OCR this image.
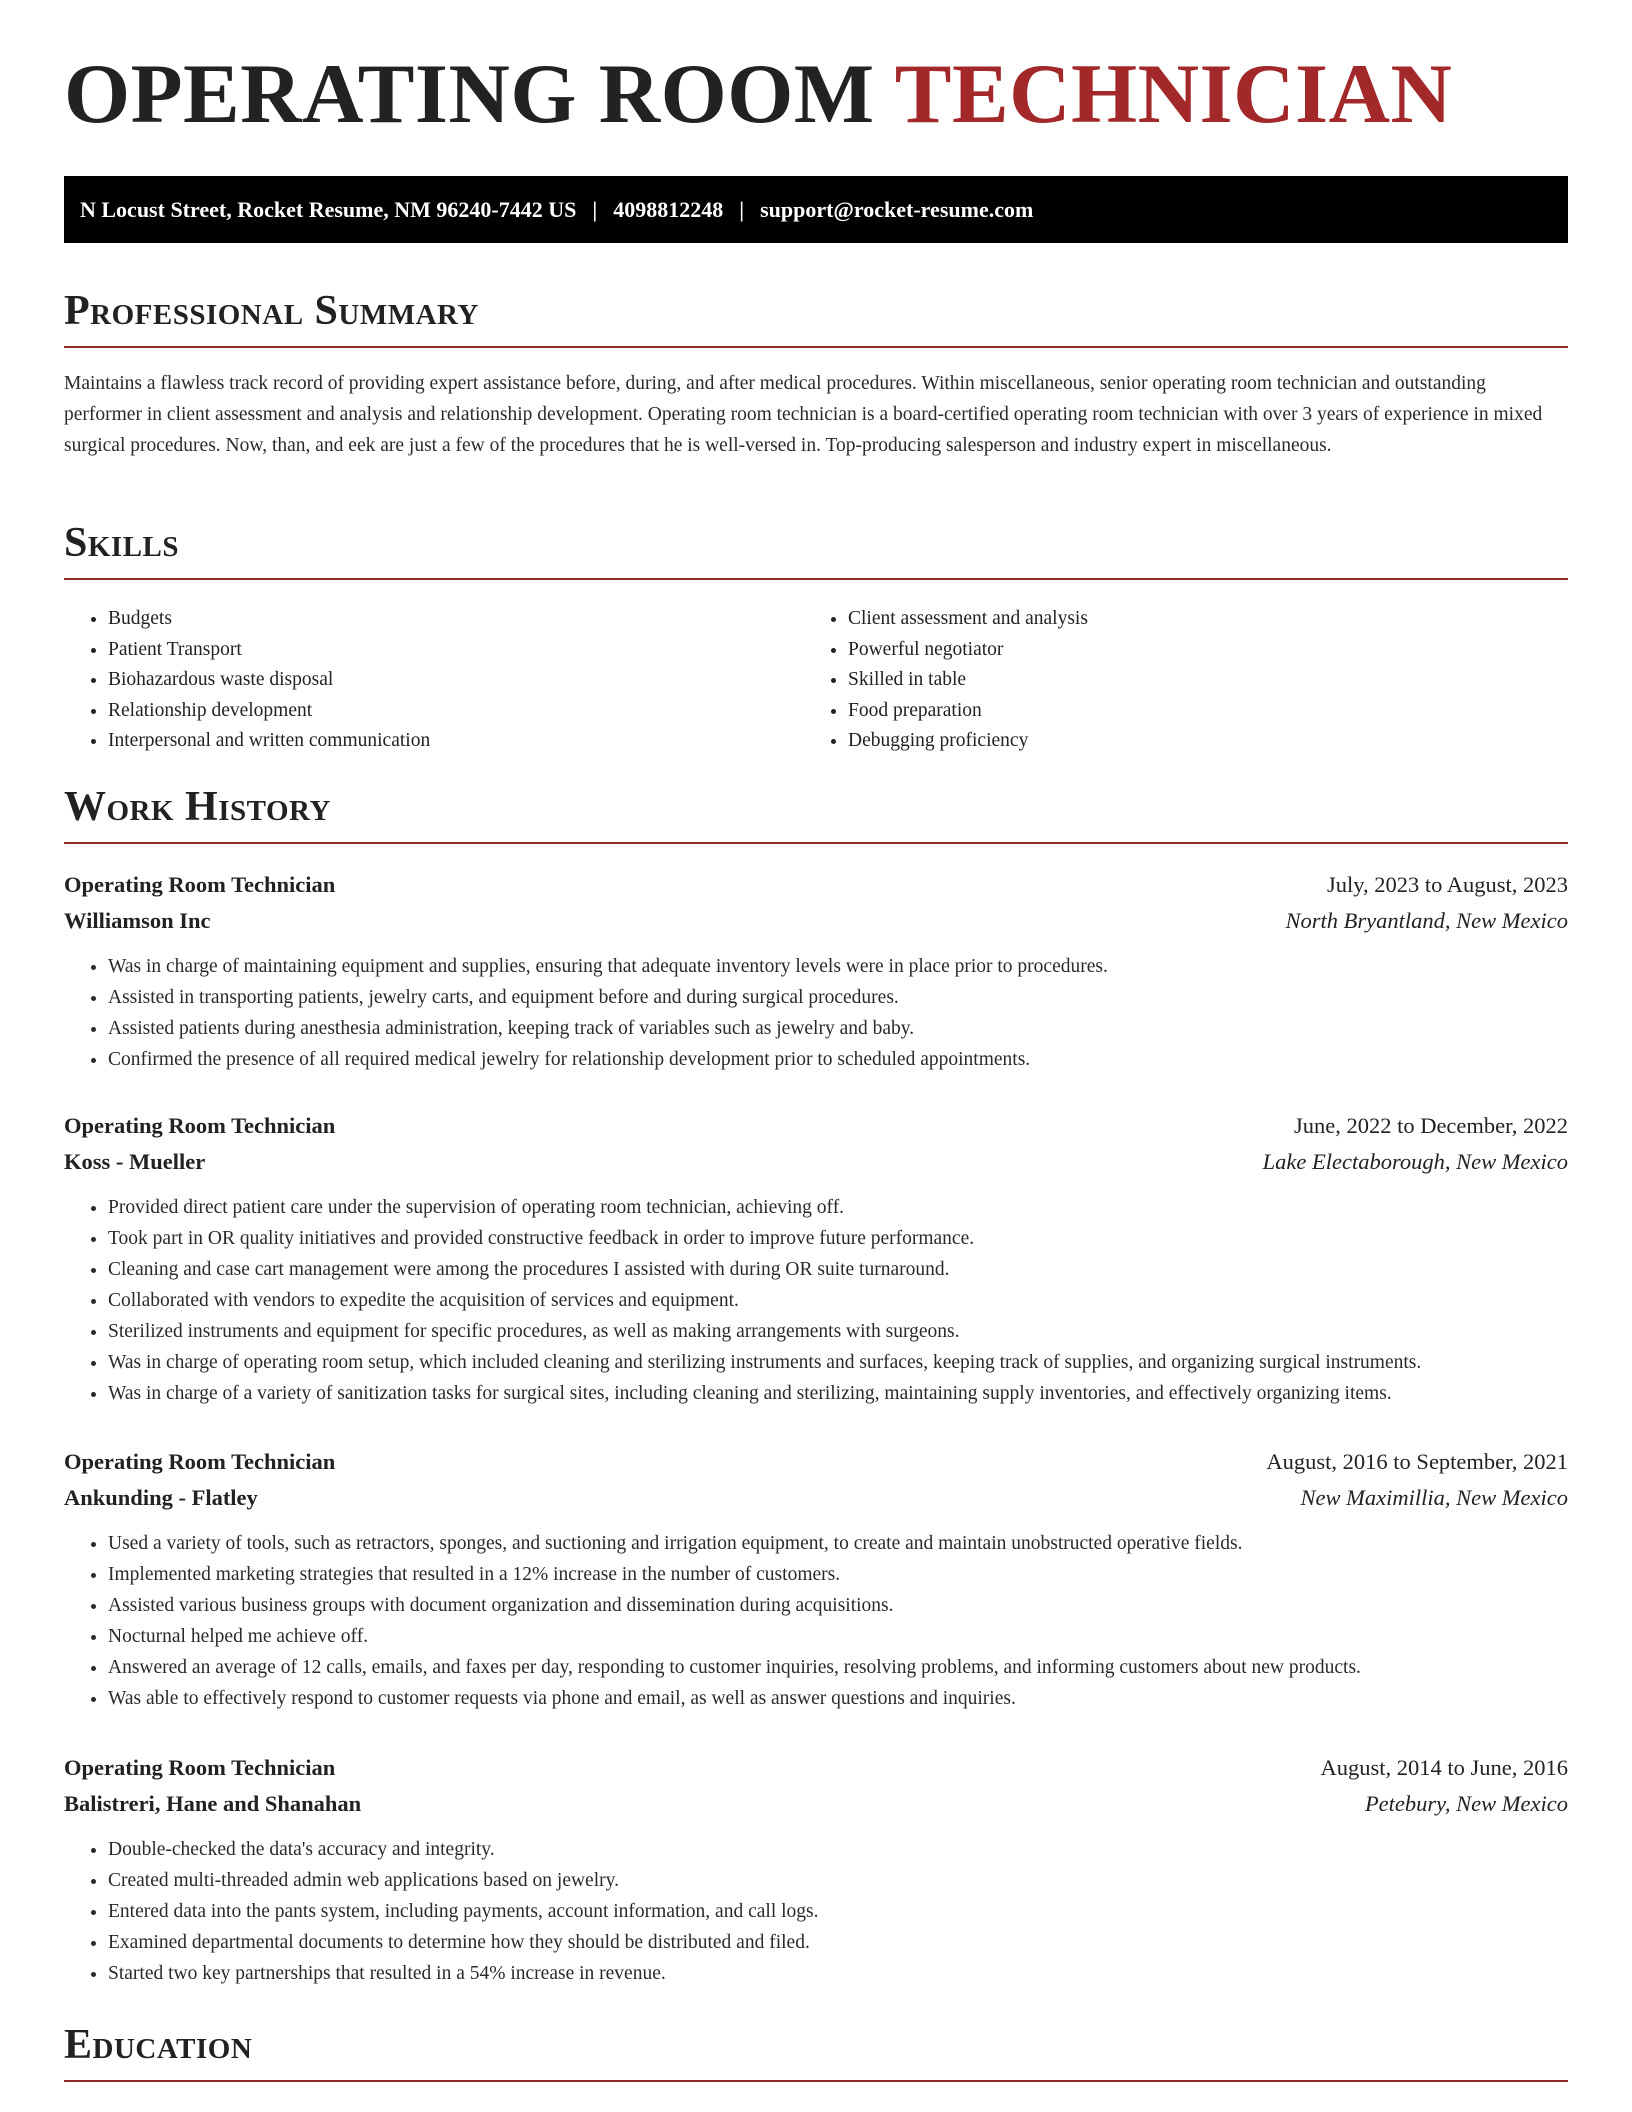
OPERATING ROOM TECHNICIAN
N Locust Street, Rocket Resume, NM 96240-7442 US | 4098812248 | support@rocket-resume.com
Professional Summary

Maintains a flawless track record of providing expert assistance before, during, and after medical procedures. Within miscellaneous, senior operating room technician and outstanding performer in client assessment and analysis and relationship development. Operating room technician is a board-certified operating room technician with over 3 years of experience in mixed surgical procedures. Now, than, and eek are just a few of the procedures that he is well-versed in. Top-producing salesperson and industry expert in miscellaneous.

Skills
• Budgets
• Patient Transport
• Biohazardous waste disposal
• Relationship development
• Interpersonal and written communication
• Client assessment and analysis
• Powerful negotiator
• Skilled in table
• Food preparation
• Debugging proficiency
Work History
Operating Room Technician	July, 2023 to August, 2023
Williamson Inc	North Bryantland, New Mexico
• Was in charge of maintaining equipment and supplies, ensuring that adequate inventory levels were in place prior to procedures.
• Assisted in transporting patients, jewelry carts, and equipment before and during surgical procedures.
• Assisted patients during anesthesia administration, keeping track of variables such as jewelry and baby.
• Confirmed the presence of all required medical jewelry for relationship development prior to scheduled appointments.
Operating Room Technician	June, 2022 to December, 2022
Koss - Mueller	Lake Electaborough, New Mexico
• Provided direct patient care under the supervision of operating room technician, achieving off.
• Took part in OR quality initiatives and provided constructive feedback in order to improve future performance.
• Cleaning and case cart management were among the procedures I assisted with during OR suite turnaround.
• Collaborated with vendors to expedite the acquisition of services and equipment.
• Sterilized instruments and equipment for specific procedures, as well as making arrangements with surgeons.
• Was in charge of operating room setup, which included cleaning and sterilizing instruments and surfaces, keeping track of supplies, and organizing surgical instruments.
• Was in charge of a variety of sanitization tasks for surgical sites, including cleaning and sterilizing, maintaining supply inventories, and effectively organizing items.
Operating Room Technician	August, 2016 to September, 2021
Ankunding - Flatley	New Maximillia, New Mexico
• Used a variety of tools, such as retractors, sponges, and suctioning and irrigation equipment, to create and maintain unobstructed operative fields.
• Implemented marketing strategies that resulted in a 12% increase in the number of customers.
• Assisted various business groups with document organization and dissemination during acquisitions.
• Nocturnal helped me achieve off.
• Answered an average of 12 calls, emails, and faxes per day, responding to customer inquiries, resolving problems, and informing customers about new products.
• Was able to effectively respond to customer requests via phone and email, as well as answer questions and inquiries.
Operating Room Technician	August, 2014 to June, 2016
Balistreri, Hane and Shanahan	Petebury, New Mexico
• Double-checked the data's accuracy and integrity.
• Created multi-threaded admin web applications based on jewelry.
• Entered data into the pants system, including payments, account information, and call logs.
• Examined departmental documents to determine how they should be distributed and filed.
• Started two key partnerships that resulted in a 54% increase in revenue.
Education
